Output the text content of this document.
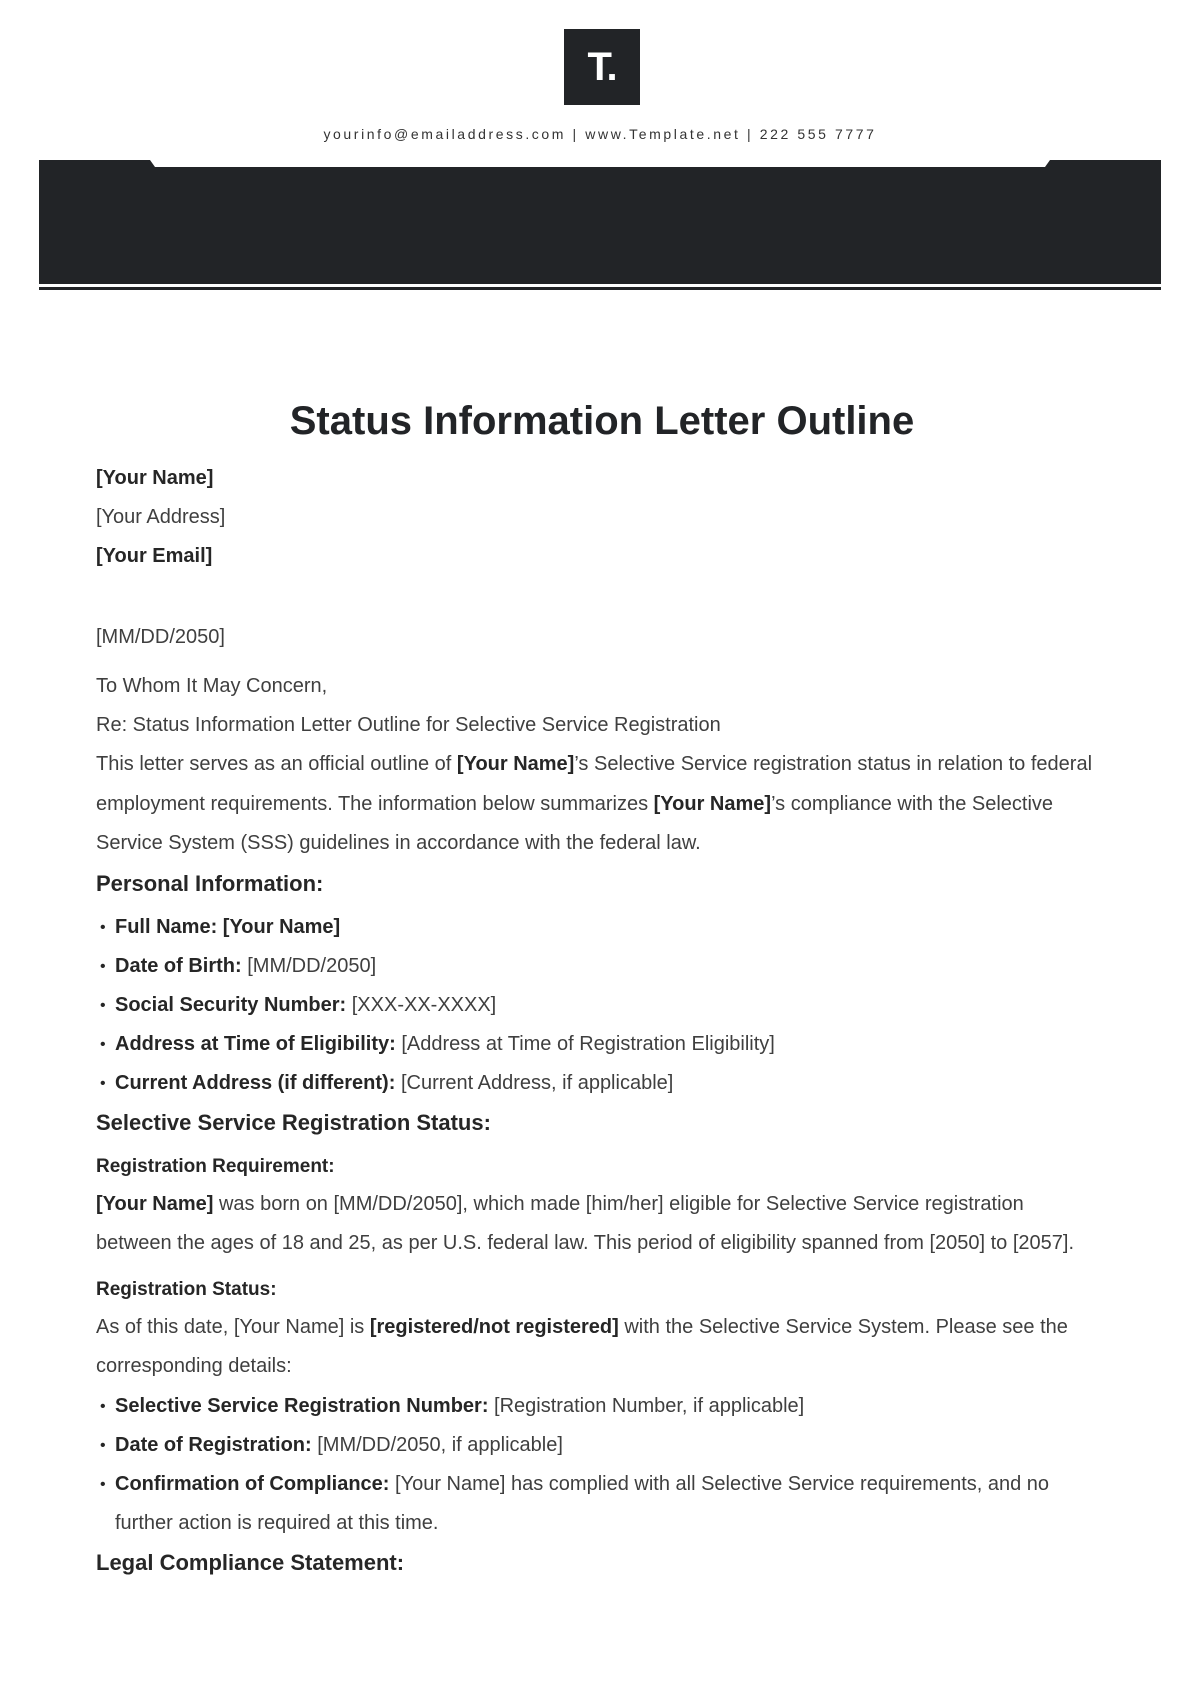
T.
yourinfo@emailaddress.com | www.Template.net | 222 555 7777
Status Information Letter Outline
[Your Name]
[Your Address]
[Your Email]
[MM/DD/2050]
To Whom It May Concern,
Re: Status Information Letter Outline for Selective Service Registration

This letter serves as an official outline of [Your Name]’s Selective Service registration status in relation to federal employment requirements. The information below summarizes [Your Name]’s compliance with the Selective Service System (SSS) guidelines in accordance with the federal law.

Personal Information:
• Full Name: [Your Name]
• Date of Birth: [MM/DD/2050]
• Social Security Number: [XXX-XX-XXXX]
• Address at Time of Eligibility: [Address at Time of Registration Eligibility]
• Current Address (if different): [Current Address, if applicable]
Selective Service Registration Status:
Registration Requirement:

[Your Name] was born on [MM/DD/2050], which made [him/her] eligible for Selective Service registration between the ages of 18 and 25, as per U.S. federal law. This period of eligibility spanned from [2050] to [2057].

Registration Status:

As of this date, [Your Name] is [registered/not registered] with the Selective Service System. Please see the corresponding details:

• Selective Service Registration Number: [Registration Number, if applicable]
• Date of Registration: [MM/DD/2050, if applicable]
• Confirmation of Compliance: [Your Name] has complied with all Selective Service requirements, and no further action is required at this time.
Legal Compliance Statement:
